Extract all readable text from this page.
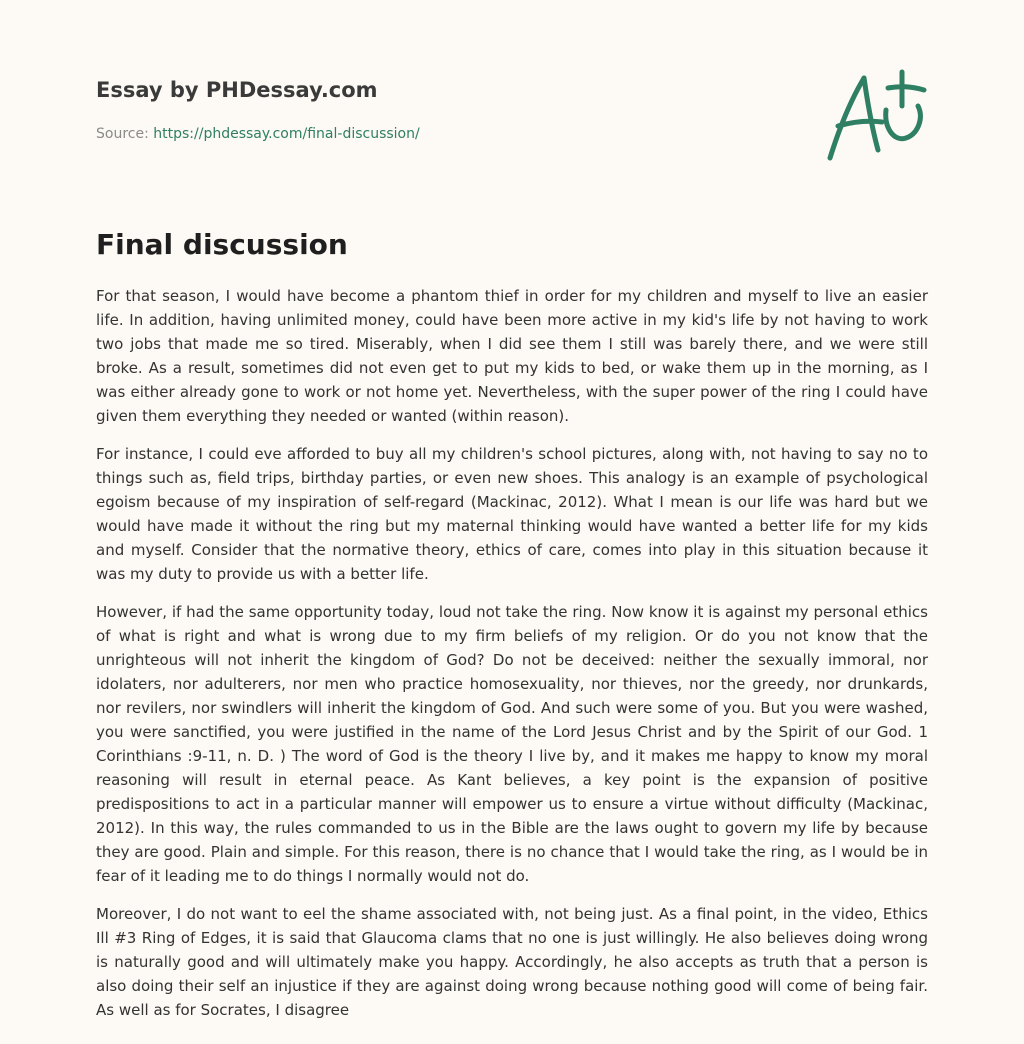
Essay by PHDessay.com
Source: https://phdessay.com/final-discussion/
Final discussion

For that season, I would have become a phantom thief in order for my children and myself to live an easier life. In addition, having unlimited money, could have been more active in my kid's life by not having to work two jobs that made me so tired. Miserably, when I did see them I still was barely there, and we were still broke. As a result, sometimes did not even get to put my kids to bed, or wake them up in the morning, as I was either already gone to work or not home yet. Nevertheless, with the super power of the ring I could have given them everything they needed or wanted (within reason).

For instance, I could eve afforded to buy all my children's school pictures, along with, not having to say no to things such as, field trips, birthday parties, or even new shoes. This analogy is an example of psychological egoism because of my inspiration of self-regard (Mackinac, 2012). What I mean is our life was hard but we would have made it without the ring but my maternal thinking would have wanted a better life for my kids and myself. Consider that the normative theory, ethics of care, comes into play in this situation because it was my duty to provide us with a better life.

However, if had the same opportunity today, loud not take the ring. Now know it is against my personal ethics of what is right and what is wrong due to my firm beliefs of my religion. Or do you not know that the unrighteous will not inherit the kingdom of God? Do not be deceived: neither the sexually immoral, nor idolaters, nor adulterers, nor men who practice homosexuality, nor thieves, nor the greedy, nor drunkards, nor revilers, nor swindlers will inherit the kingdom of God. And such were some of you. But you were washed, you were sanctified, you were justified in the name of the Lord Jesus Christ and by the Spirit of our God. 1 Corinthians :9-11, n. D. ) The word of God is the theory I live by, and it makes me happy to know my moral reasoning will result in eternal peace. As Kant believes, a key point is the expansion of positive predispositions to act in a particular manner will empower us to ensure a virtue without difficulty (Mackinac, 2012). In this way, the rules commanded to us in the Bible are the laws ought to govern my life by because they are good. Plain and simple. For this reason, there is no chance that I would take the ring, as I would be in fear of it leading me to do things I normally would not do.

Moreover, I do not want to eel the shame associated with, not being just. As a final point, in the video, Ethics Ill #3 Ring of Edges, it is said that Glaucoma clams that no one is just willingly. He also believes doing wrong is naturally good and will ultimately make you happy. Accordingly, he also accepts as truth that a person is also doing their self an injustice if they are against doing wrong because nothing good will come of being fair. As well as for Socrates, I disagree
